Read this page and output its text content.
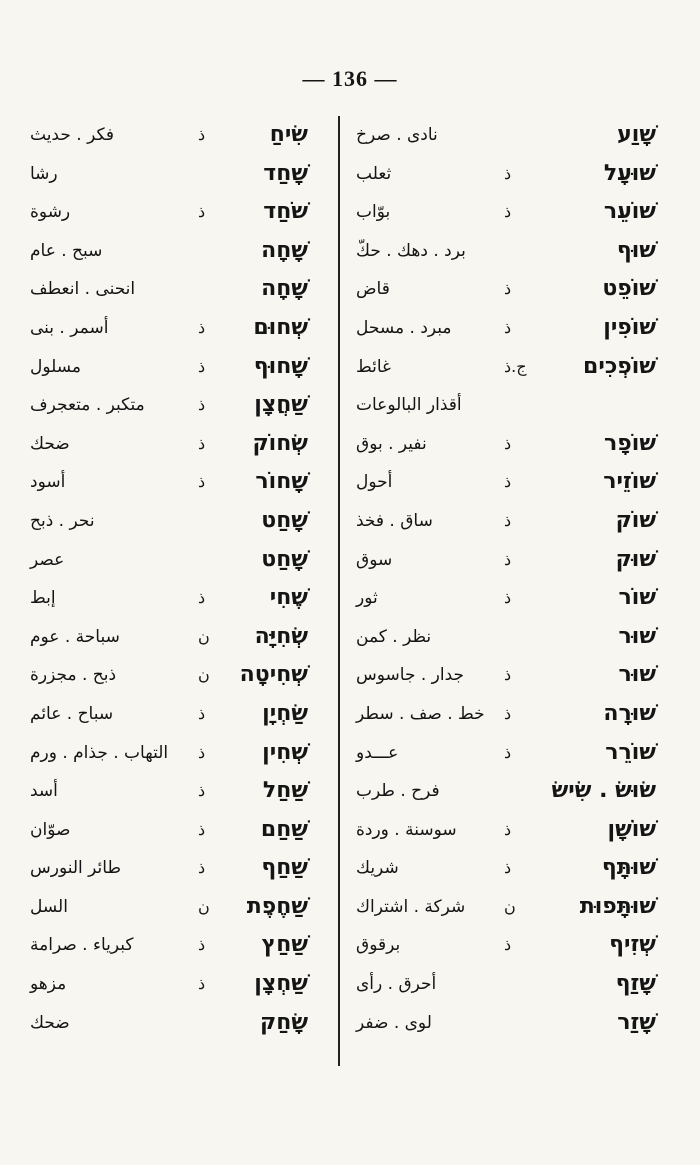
— 136 —
שִׂיחַ
ذ
فكر . حديث
שָׁחַד
رشا
שֹׁחַד
ذ
رشوة
שָׁחָה
سبح . عام
שָׁחָה
انحنى . انعطف
שְׁחוּם
ذ
أسمر . بنى
שָׁחוּף
ذ
مسلول
שַׁחֲצָן
ذ
متكبر . متعجرف
שְׂחוֹק
ذ
ضحك
שָׁחוֹר
ذ
أسود
שָׁחַט
نحر . ذبح
שָׁחַט
عصر
שֶׁחִי
ذ
إبط
שְׂחִיָּה
ن
سباحة . عوم
שְׁחִיטָה
ن
ذبح . مجزرة
שַׂחְיָן
ذ
سباح . عائم
שְׁחִין
ذ
التهاب . جذام . ورم
שַׁחַל
ذ
أسد
שַׁחַם
ذ
صوّان
שַׁחַף
ذ
طائر النورس
שַׁחֶפֶת
ن
السل
שַׁחַץ
ذ
كبرياء . صرامة
שַׁחְצָן
ذ
مزهو
שָׂחַק
ضحك
שָׁוַע
نادى . صرخ
שׁוּעָל
ذ
ثعلب
שׁוֹעֵר
ذ
بوّاب
שׁוּף
برد . دهك . حكّ
שׁוֹפֵט
ذ
قاض
שׁוֹפִין
ذ
مبرد . مسحل
שׁוֹפְכִים
ج.ذ
غائط
أقذار البالوعات
שׁוֹפָר
ذ
نفير . بوق
שׁוֹזֵיר
ذ
أحول
שׁוֹק
ذ
ساق . فخذ
שׁוּק
ذ
سوق
שׁוֹר
ذ
ثور
שׁוּר
نظر . كمن
שׁוּר
ذ
جدار . جاسوس
שׁוּרָה
ذ
خط . صف . سطر
שׁוֹרֵר
ذ
عـــدو
שׂוּשׂ . שִׂישׂ
فرح . طرب
שׁוֹשָׁן
ذ
سوسنة . وردة
שׁוּתָּף
ذ
شريك
שׁוּתָּפוּת
ن
شركة . اشتراك
שְׁזִיף
ذ
برقوق
שָׁזַף
أحرق . رأى
שָׁזַר
لوى . ضفر
